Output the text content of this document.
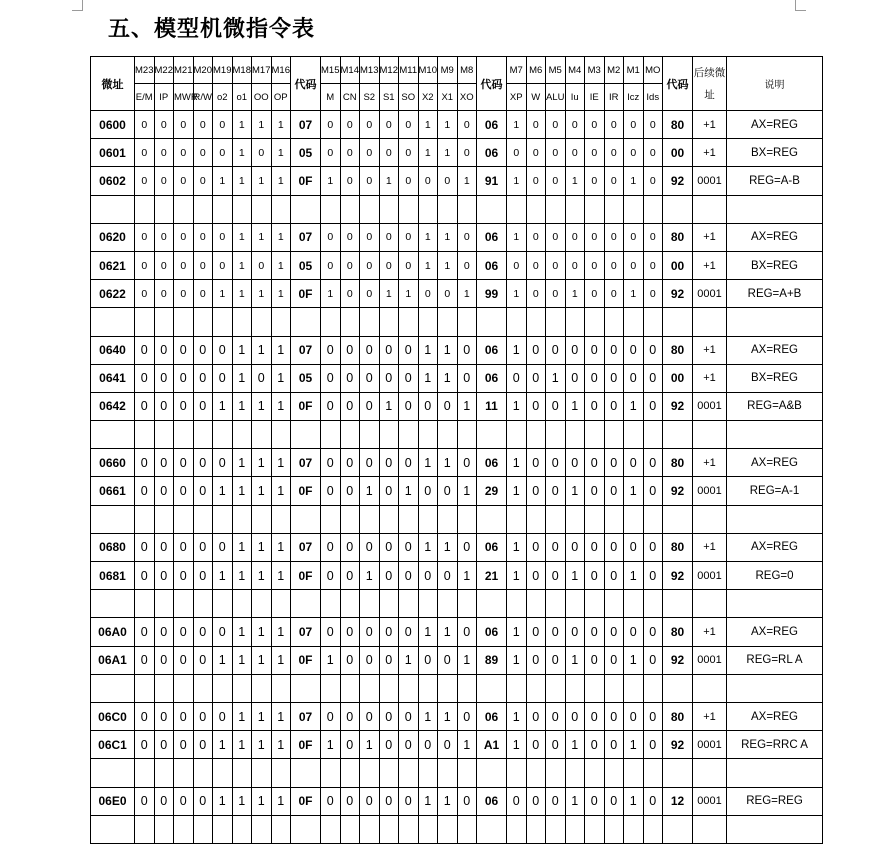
五、模型机微指令表
微址	M23	M22	M21	M20	M19	M18	M17	M16	代码	M15	M14	M13	M12	M11	M10	M9	M8	代码	M7	M6	M5	M4	M3	M2	M1	MO	代码	后续微址	说明
	E/M	IP	MWR	R/W	o2	o1	OO	OP		M	CN	S2	S1	SO	X2	X1	XO		XP	W	ALU	Iu	IE	IR	Icz	Ids			
0600	0	0	0	0	0	1	1	1	07	0	0	0	0	0	1	1	0	06	1	0	0	0	0	0	0	0	80	+1	AX=REG
0601	0	0	0	0	0	1	0	1	05	0	0	0	0	0	1	1	0	06	0	0	0	0	0	0	0	0	00	+1	BX=REG
0602	0	0	0	0	1	1	1	1	0F	1	0	0	1	0	0	0	1	91	1	0	0	1	0	0	1	0	92	0001	REG=A-B

0620	0	0	0	0	0	1	1	1	07	0	0	0	0	0	1	1	0	06	1	0	0	0	0	0	0	0	80	+1	AX=REG
0621	0	0	0	0	0	1	0	1	05	0	0	0	0	0	1	1	0	06	0	0	0	0	0	0	0	0	00	+1	BX=REG
0622	0	0	0	0	1	1	1	1	0F	1	0	0	1	1	0	0	1	99	1	0	0	1	0	0	1	0	92	0001	REG=A+B

0640	0	0	0	0	0	1	1	1	07	0	0	0	0	0	1	1	0	06	1	0	0	0	0	0	0	0	80	+1	AX=REG
0641	0	0	0	0	0	1	0	1	05	0	0	0	0	0	1	1	0	06	0	0	1	0	0	0	0	0	00	+1	BX=REG
0642	0	0	0	0	1	1	1	1	0F	0	0	0	1	0	0	0	1	11	1	0	0	1	0	0	1	0	92	0001	REG=A&B

0660	0	0	0	0	0	1	1	1	07	0	0	0	0	0	1	1	0	06	1	0	0	0	0	0	0	0	80	+1	AX=REG
0661	0	0	0	0	1	1	1	1	0F	0	0	1	0	1	0	0	1	29	1	0	0	1	0	0	1	0	92	0001	REG=A-1

0680	0	0	0	0	0	1	1	1	07	0	0	0	0	0	1	1	0	06	1	0	0	0	0	0	0	0	80	+1	AX=REG
0681	0	0	0	0	1	1	1	1	0F	0	0	1	0	0	0	0	1	21	1	0	0	1	0	0	1	0	92	0001	REG=0

06A0	0	0	0	0	0	1	1	1	07	0	0	0	0	0	1	1	0	06	1	0	0	0	0	0	0	0	80	+1	AX=REG
06A1	0	0	0	0	1	1	1	1	0F	1	0	0	0	1	0	0	1	89	1	0	0	1	0	0	1	0	92	0001	REG=RL A

06C0	0	0	0	0	0	1	1	1	07	0	0	0	0	0	1	1	0	06	1	0	0	0	0	0	0	0	80	+1	AX=REG
06C1	0	0	0	0	1	1	1	1	0F	1	0	1	0	0	0	0	1	A1	1	0	0	1	0	0	1	0	92	0001	REG=RRC A

06E0	0	0	0	0	1	1	1	1	0F	0	0	0	0	0	1	1	0	06	0	0	0	1	0	0	1	0	12	0001	REG=REG
